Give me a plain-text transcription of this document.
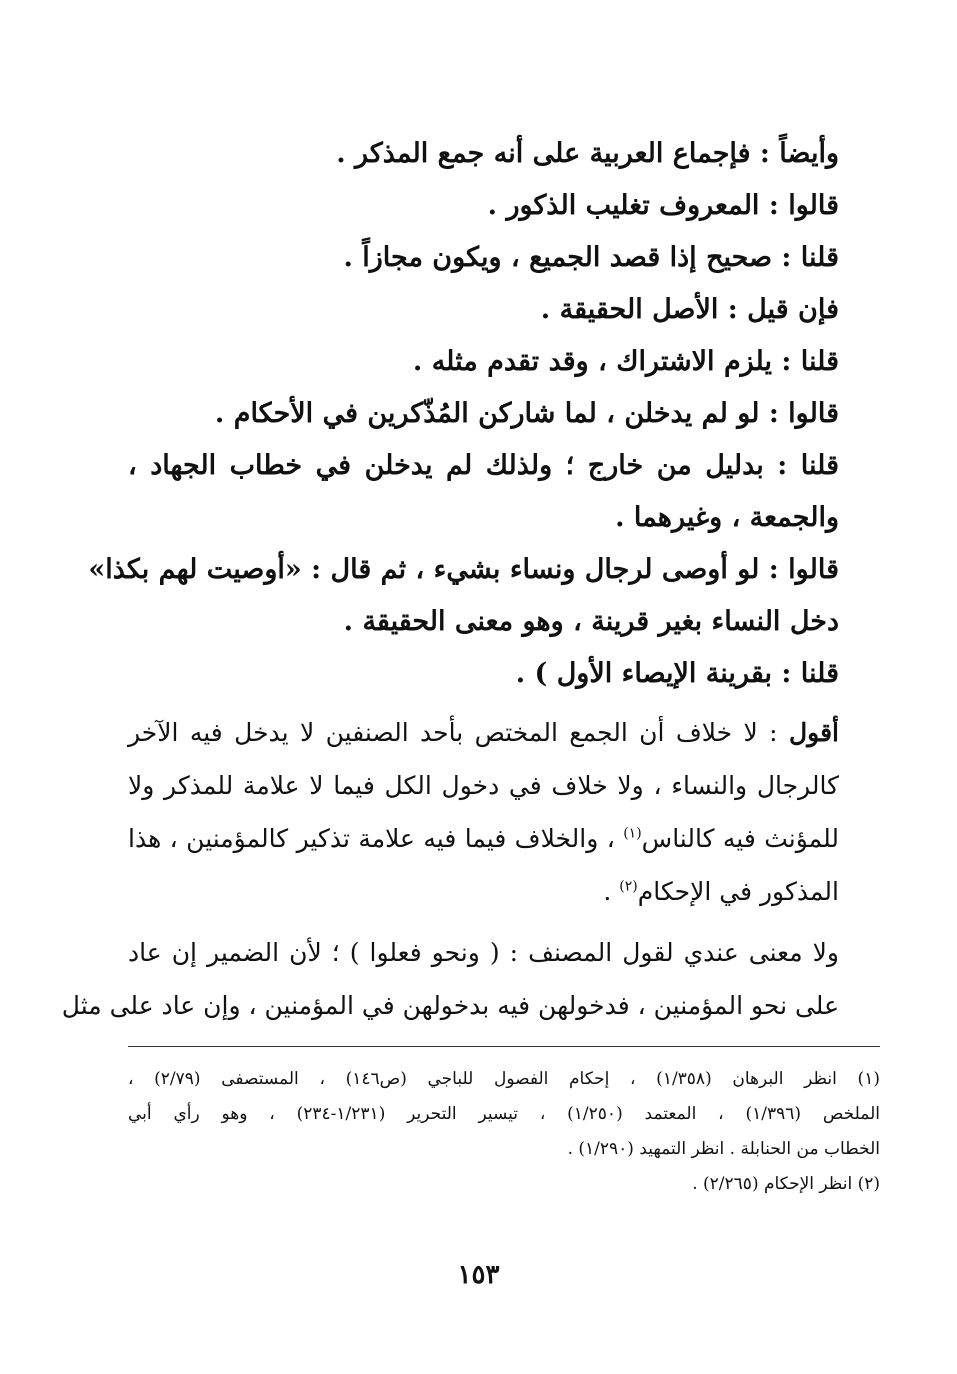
وأيضاً : فإجماع العربية على أنه جمع المذكر .
قالوا : المعروف تغليب الذكور .
قلنا : صحيح إذا قصد الجميع ، ويكون مجازاً .
فإن قيل : الأصل الحقيقة .
قلنا : يلزم الاشتراك ، وقد تقدم مثله .
قالوا : لو لم يدخلن ، لما شاركن المُذّكرين في الأحكام .
قلنا : بدليل من خارج ؛ ولذلك لم يدخلن في خطاب الجهاد ،
والجمعة ، وغيرهما .
قالوا : لو أوصى لرجال ونساء بشيء ، ثم قال : «أوصيت لهم بكذا»
دخل النساء بغير قرينة ، وهو معنى الحقيقة .
قلنا : بقرينة الإيصاء الأول ) .
أقول : لا خلاف أن الجمع المختص بأحد الصنفين لا يدخل فيه الآخر
كالرجال والنساء ، ولا خلاف في دخول الكل فيما لا علامة للمذكر ولا
للمؤنث فيه كالناس$^{(١)}$ ، والخلاف فيما فيه علامة تذكير كالمؤمنين ، هذا
المذكور في الإحكام$^{(٢)}$ .
ولا معنى عندي لقول المصنف : ( ونحو فعلوا ) ؛ لأن الضمير إن عاد
على نحو المؤمنين ، فدخولهن فيه بدخولهن في المؤمنين ، وإن عاد على مثل
(١) انظر البرهان (١/٣٥٨) ، إحكام الفصول للباجي (ص١٤٦) ، المستصفى (٢/٧٩) ،
الملخص (١/٣٩٦) ، المعتمد (١/٢٥٠) ، تيسير التحرير (١/٢٣١-٢٣٤) ، وهو رأي أبي
الخطاب من الحنابلة . انظر التمهيد (١/٢٩٠) .
(٢) انظر الإحكام (٢/٢٦٥) .
١٥٣
